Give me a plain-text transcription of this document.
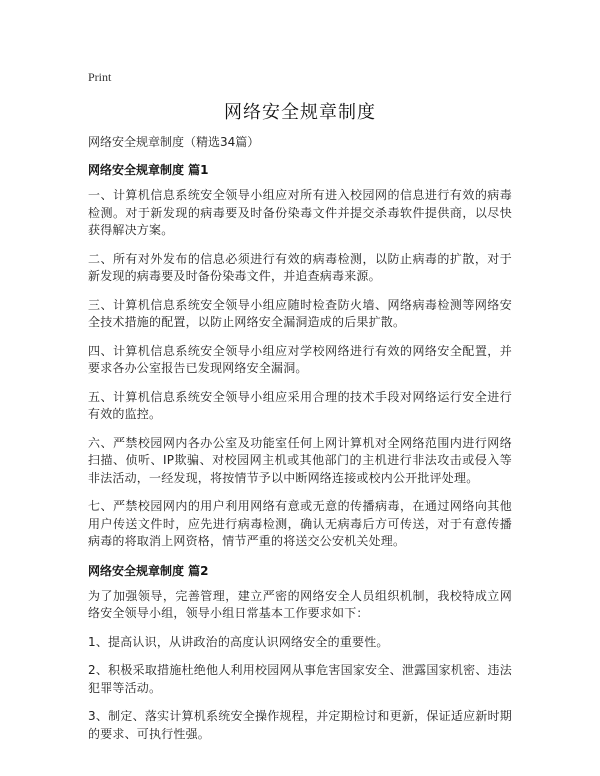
Print
网络安全规章制度

网络安全规章制度（精选34篇）

网络安全规章制度 篇1

一、计算机信息系统安全领导小组应对所有进入校园网的信息进行有效的病毒检测。对于新发现的病毒要及时备份染毒文件并提交杀毒软件提供商，以尽快获得解决方案。

二、所有对外发布的信息必须进行有效的病毒检测，以防止病毒的扩散，对于新发现的病毒要及时备份染毒文件，并追查病毒来源。

三、计算机信息系统安全领导小组应随时检查防火墙、网络病毒检测等网络安全技术措施的配置，以防止网络安全漏洞造成的后果扩散。

四、计算机信息系统安全领导小组应对学校网络进行有效的网络安全配置，并要求各办公室报告已发现网络安全漏洞。

五、计算机信息系统安全领导小组应采用合理的技术手段对网络运行安全进行有效的监控。

六、严禁校园网内各办公室及功能室任何上网计算机对全网络范围内进行网络扫描、侦听、IP欺骗、对校园网主机或其他部门的主机进行非法攻击或侵入等非法活动，一经发现，将按情节予以中断网络连接或校内公开批评处理。

七、严禁校园网内的用户利用网络有意或无意的传播病毒，在通过网络向其他用户传送文件时，应先进行病毒检测，确认无病毒后方可传送，对于有意传播病毒的将取消上网资格，情节严重的将送交公安机关处理。

网络安全规章制度 篇2

为了加强领导，完善管理，建立严密的网络安全人员组织机制，我校特成立网络安全领导小组，领导小组日常基本工作要求如下：

1、提高认识，从讲政治的高度认识网络安全的重要性。

2、积极采取措施杜绝他人利用校园网从事危害国家安全、泄露国家机密、违法犯罪等活动。

3、制定、落实计算机系统安全操作规程，并定期检讨和更新，保证适应新时期的要求、可执行性强。
